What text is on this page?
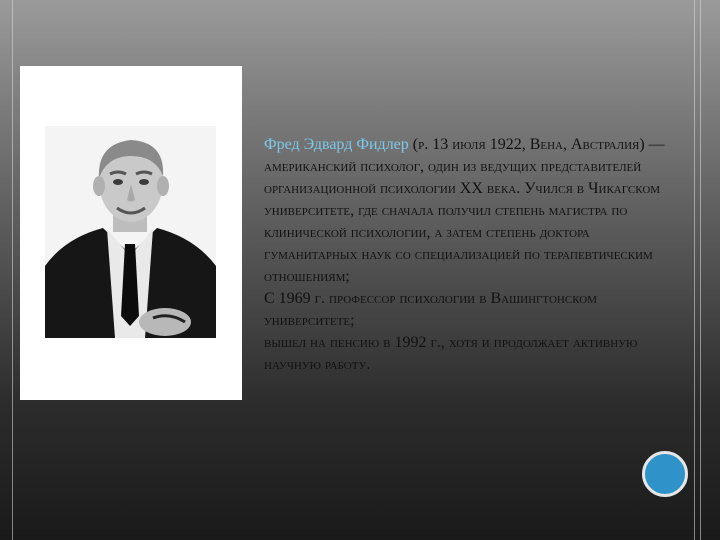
Фред Эдвард Фидлер (р. 13 июля 1922, Вена, Австралия) — американский психолог, один из ведущих представителей организационной психологии XX века. Учился в Чикагском университете, где сначала получил степень магистра по клинической психологии, а затем степень доктора гуманитарных наук со специализацией по терапевтическим отношениям;

С 1969 г. профессор психологии в Вашингтонском университете;

вышел на пенсию в 1992 г., хотя и продолжает активную научную работу.
